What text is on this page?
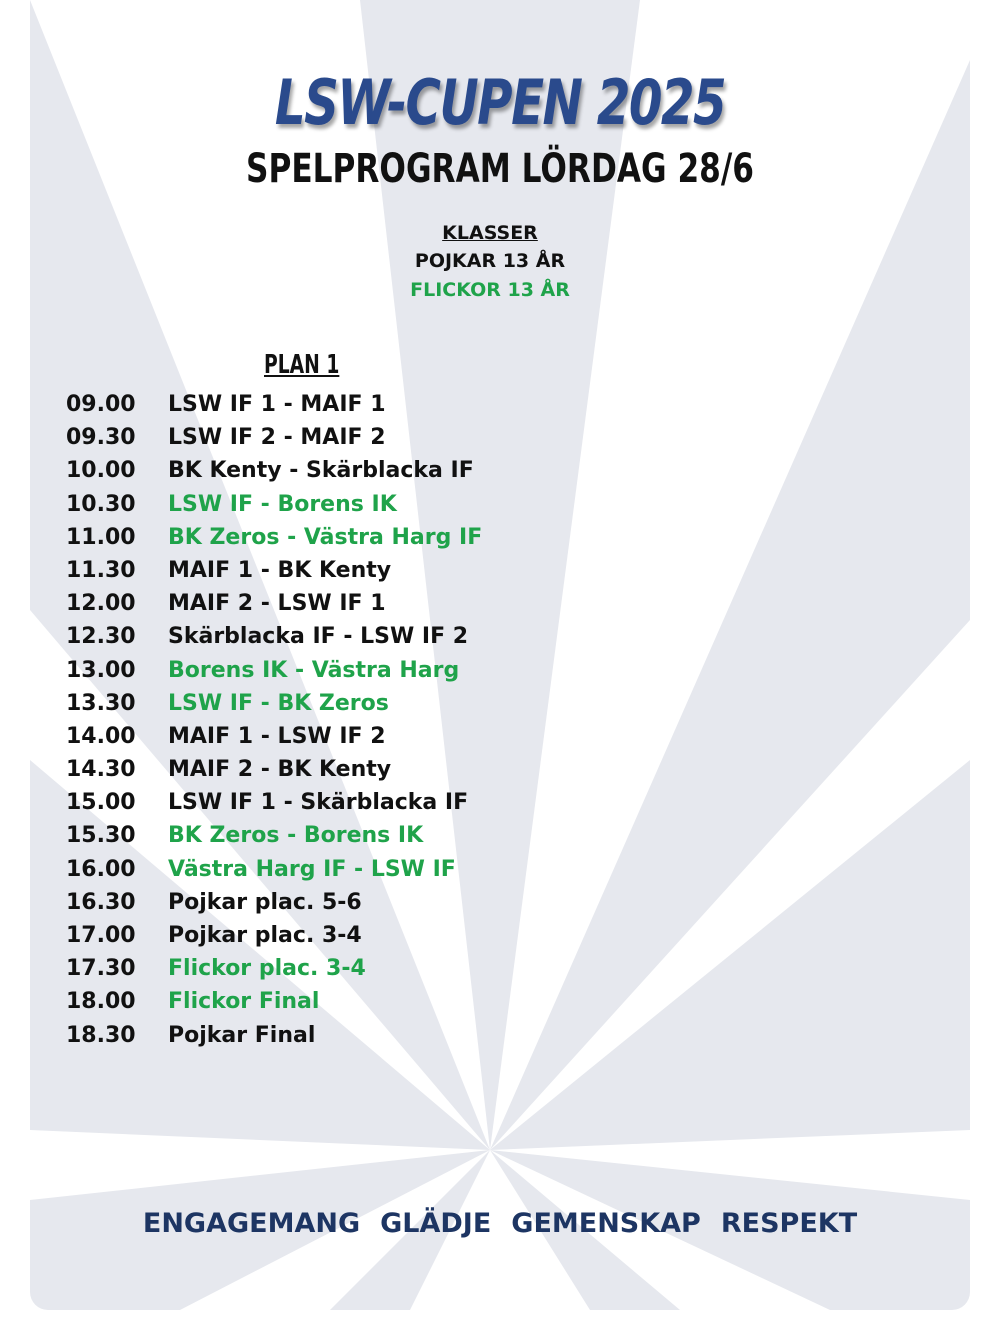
LSW-CUPEN 2025
SPELPROGRAM LÖRDAG 28/6
KLASSER
POJKAR 13 ÅR
FLICKOR 13 ÅR
PLAN 1
09.00 LSW IF 1 - MAIF 1
09.30 LSW IF 2 - MAIF 2
10.00 BK Kenty - Skärblacka IF
10.30 LSW IF - Borens IK
11.00 BK Zeros - Västra Harg IF
11.30 MAIF 1 - BK Kenty
12.00 MAIF 2 - LSW IF 1
12.30 Skärblacka IF - LSW IF 2
13.00 Borens IK - Västra Harg
13.30 LSW IF - BK Zeros
14.00 MAIF 1 - LSW IF 2
14.30 MAIF 2 - BK Kenty
15.00 LSW IF 1 - Skärblacka IF
15.30 BK Zeros - Borens IK
16.00 Västra Harg IF - LSW IF
16.30 Pojkar plac. 5-6
17.00 Pojkar plac. 3-4
17.30 Flickor plac. 3-4
18.00 Flickor Final
18.30 Pojkar Final
ENGAGEMANG GLÄDJE GEMENSKAP RESPEKT
